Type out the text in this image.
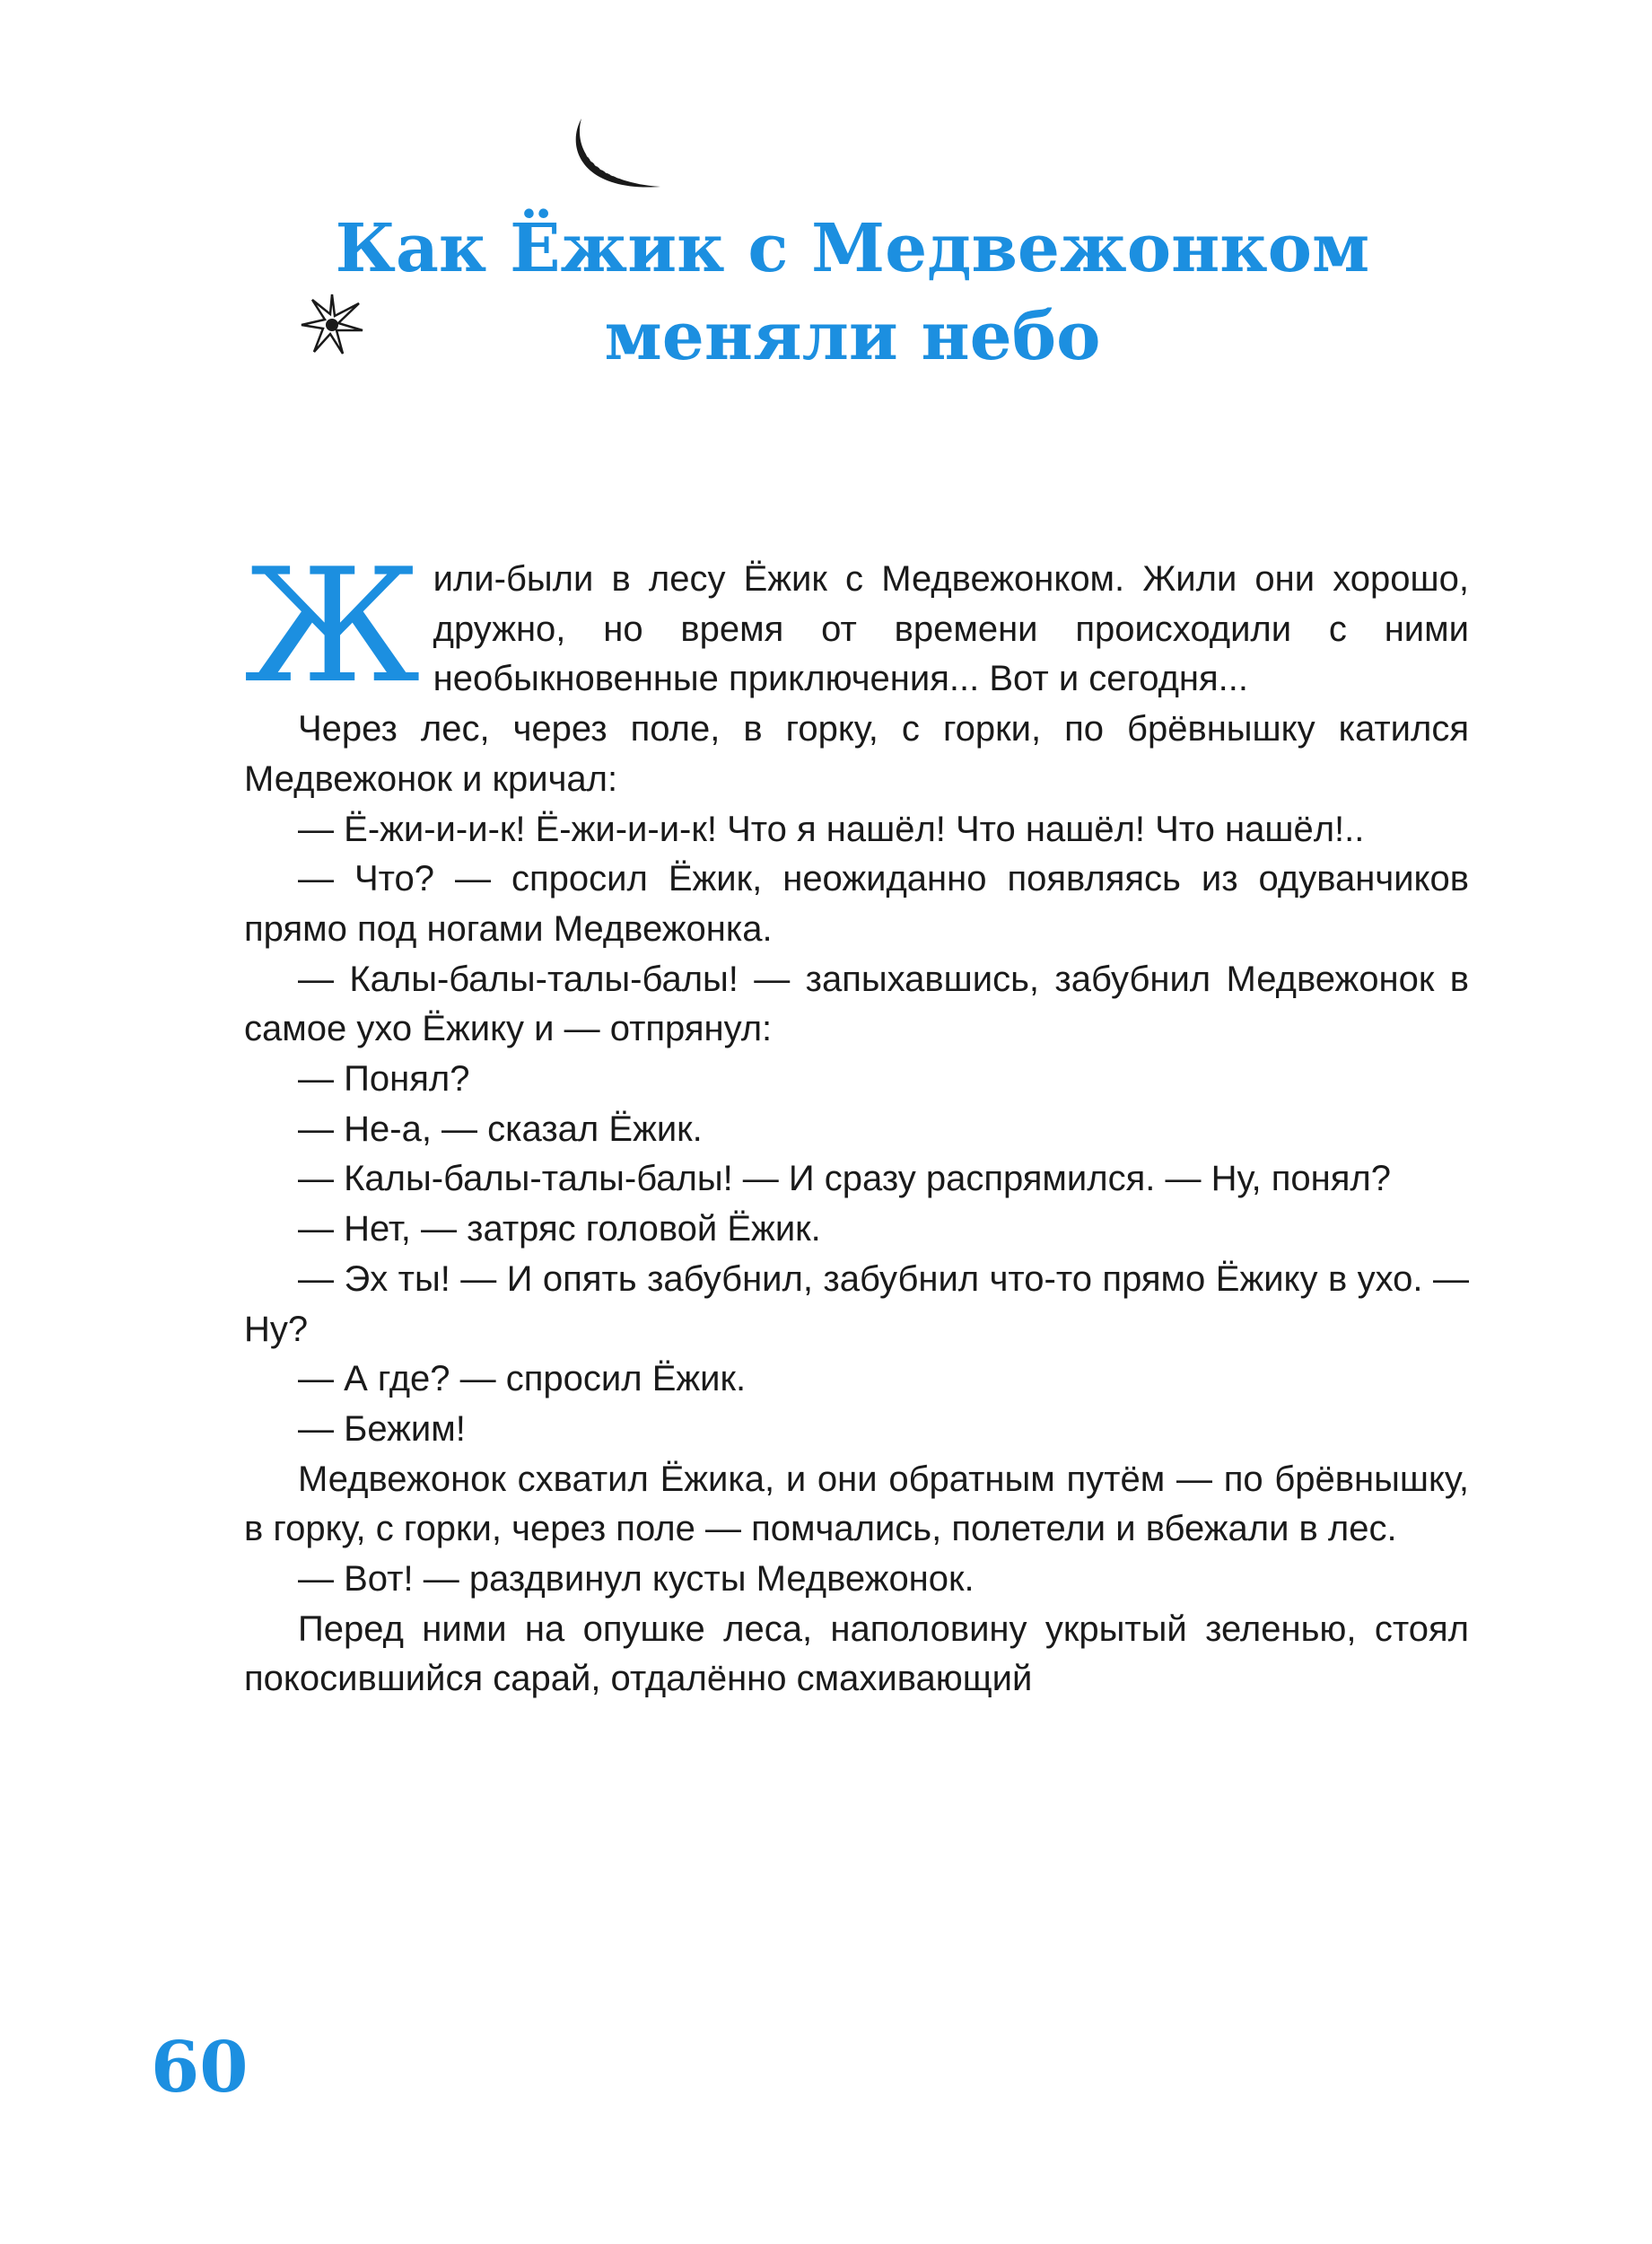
Как Ёжик с Медвежонком
меняли небо

Жили-были в лесу Ёжик с Медвежонком. Жили они хорошо, дружно, но время от времени происходили с ними необыкновенные приключения... Вот и сегодня...

Через лес, через поле, в горку, с горки, по брёвнышку катился Медвежонок и кричал:

— Ё-жи-и-и-к! Ё-жи-и-и-к! Что я нашёл! Что нашёл! Что нашёл!..

— Что? — спросил Ёжик, неожиданно появляясь из одуванчиков прямо под ногами Медвежонка.

— Калы-балы-талы-балы! — запыхавшись, забубнил Медвежонок в самое ухо Ёжику и — отпрянул:

— Понял?

— Не-а, — сказал Ёжик.

— Калы-балы-талы-балы! — И сразу распрямился. — Ну, понял?

— Нет, — затряс головой Ёжик.

— Эх ты! — И опять забубнил, забубнил что-то прямо Ёжику в ухо. — Ну?

— А где? — спросил Ёжик.

— Бежим!

Медвежонок схватил Ёжика, и они обратным путём — по брёвнышку, в горку, с горки, через поле — помчались, полетели и вбежали в лес.

— Вот! — раздвинул кусты Медвежонок.

Перед ними на опушке леса, наполовину укрытый зеленью, стоял покосившийся сарай, отдалённо смахивающий

60
